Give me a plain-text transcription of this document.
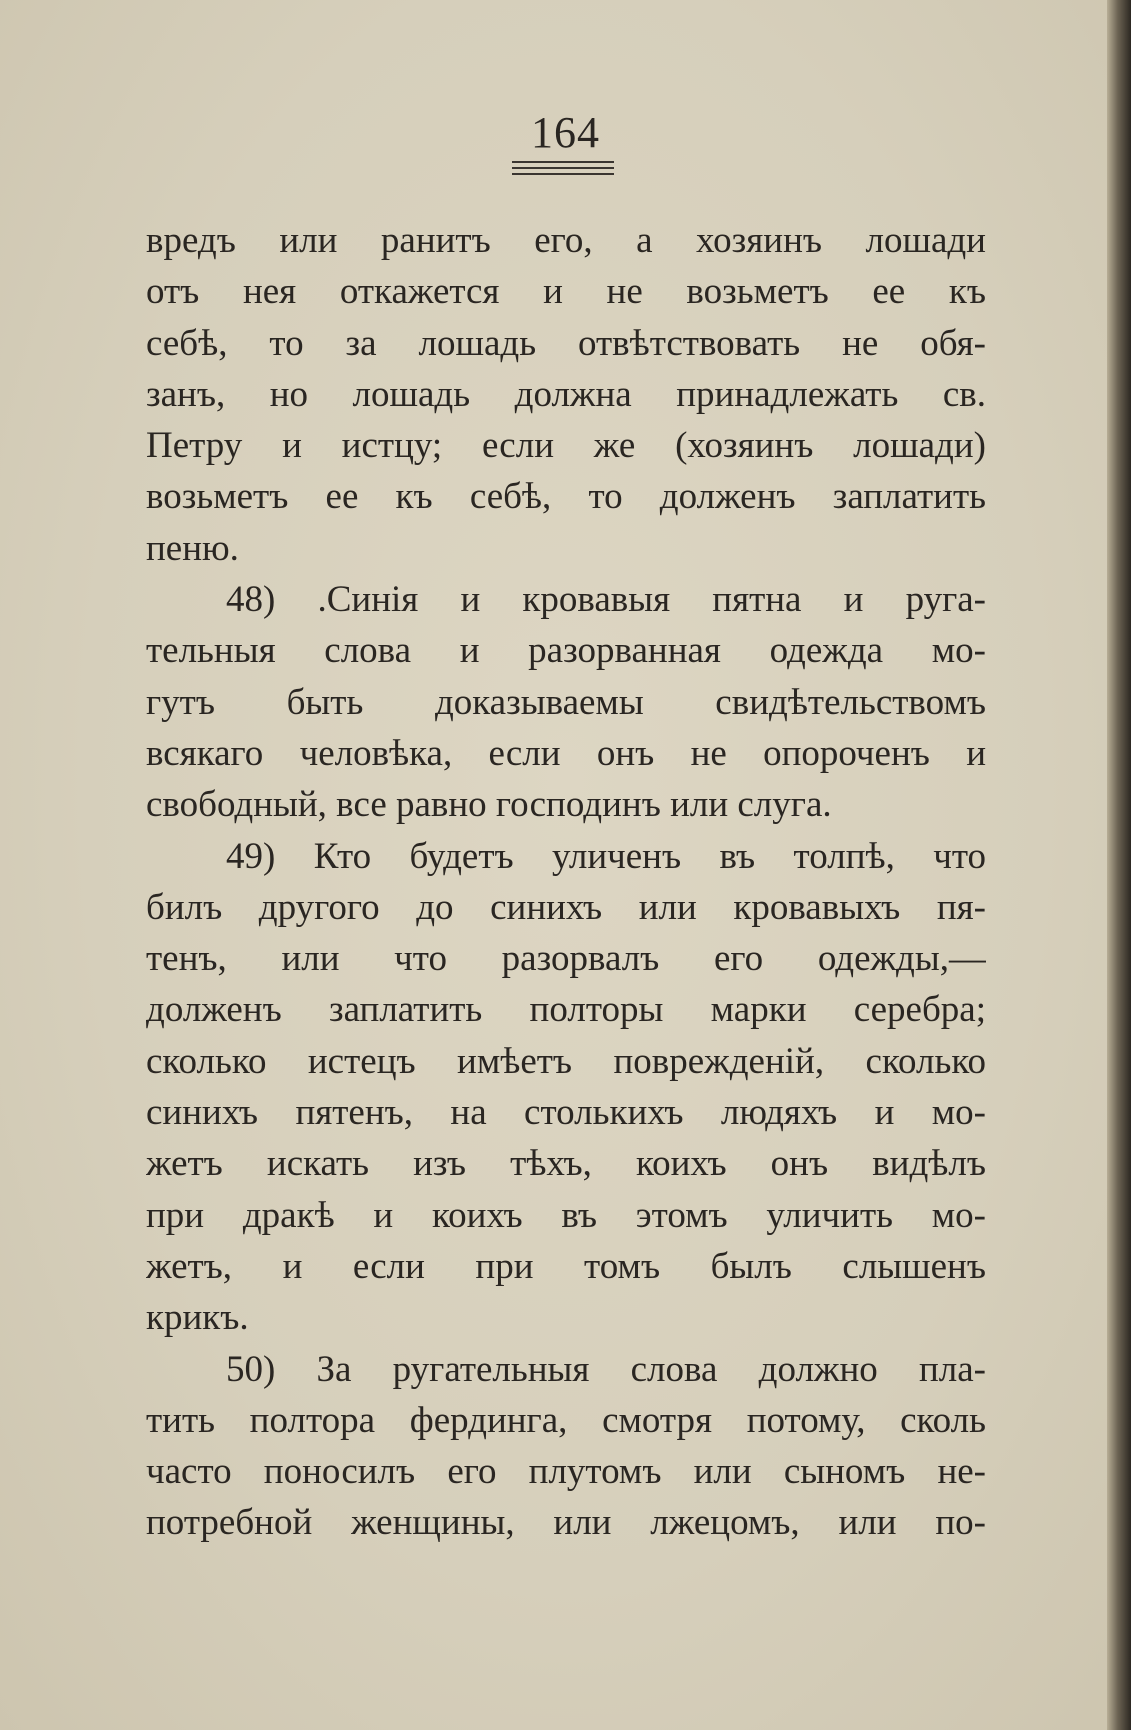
164
вредъ или ранитъ его, а хозяинъ лошади
отъ нея откажется и не возьметъ ее къ
себѣ, то за лошадь отвѣтствовать не обя-
занъ, но лошадь должна принадлежать св.
Петру и истцу; если же (хозяинъ лошади)
возьметъ ее къ себѣ, то долженъ заплатить
пеню.
48) .Синія и кровавыя пятна и руга-
тельныя слова и разорванная одежда мо-
гутъ быть доказываемы свидѣтельствомъ
всякаго человѣка, если онъ не опороченъ и
свободный, все равно господинъ или слуга.
49) Кто будетъ уличенъ въ толпѣ, что
билъ другого до синихъ или кровавыхъ пя-
тенъ, или что разорвалъ его одежды,—
долженъ заплатить полторы марки серебра;
сколько истецъ имѣетъ поврежденій, сколько
синихъ пятенъ, на столькихъ людяхъ и мо-
жетъ искать изъ тѣхъ, коихъ онъ видѣлъ
при дракѣ и коихъ въ этомъ уличить мо-
жетъ, и если при томъ былъ слышенъ
крикъ.
50) За ругательныя слова должно пла-
тить полтора фердинга, смотря потому, сколь
часто поносилъ его плутомъ или сыномъ не-
потребной женщины, или лжецомъ, или по-
